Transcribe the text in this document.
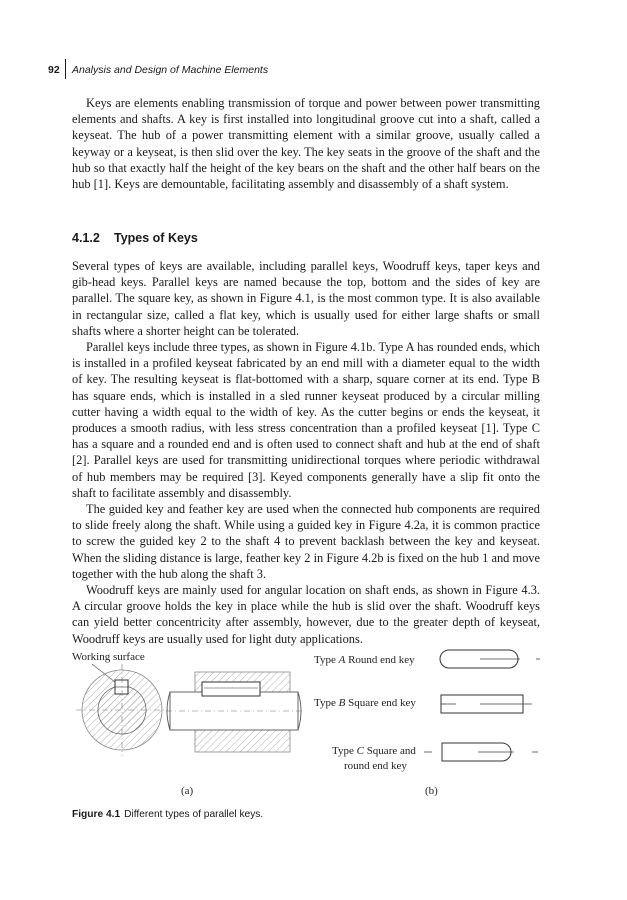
92 Analysis and Design of Machine Elements

Keys are elements enabling transmission of torque and power between power transmitting elements and shafts. A key is first installed into longitudinal groove cut into a shaft, called a keyseat. The hub of a power transmitting element with a similar groove, usually called a keyway or a keyseat, is then slid over the key. The key seats in the groove of the shaft and the hub so that exactly half the height of the key bears on the shaft and the other half bears on the hub [1]. Keys are demountable, facilitating assembly and disassembly of a shaft system.

4.1.2 Types of Keys

Several types of keys are available, including parallel keys, Woodruff keys, taper keys and gib-head keys. Parallel keys are named because the top, bottom and the sides of key are parallel. The square key, as shown in Figure 4.1, is the most common type. It is also available in rectangular size, called a flat key, which is usually used for either large shafts or small shafts where a shorter height can be tolerated.

Parallel keys include three types, as shown in Figure 4.1b. Type A has rounded ends, which is installed in a profiled keyseat fabricated by an end mill with a diameter equal to the width of key. The resulting keyseat is flat-bottomed with a sharp, square corner at its end. Type B has square ends, which is installed in a sled runner keyseat produced by a circular milling cutter having a width equal to the width of key. As the cutter begins or ends the keyseat, it produces a smooth radius, with less stress concentration than a profiled keyseat [1]. Type C has a square and a rounded end and is often used to connect shaft and hub at the end of shaft [2]. Parallel keys are used for transmitting unidirectional torques where periodic withdrawal of hub members may be required [3]. Keyed components generally have a slip fit onto the shaft to facilitate assembly and disassembly.

The guided key and feather key are used when the connected hub components are required to slide freely along the shaft. While using a guided key in Figure 4.2a, it is common practice to screw the guided key 2 to the shaft 4 to prevent backlash between the key and keyseat. When the sliding distance is large, feather key 2 in Figure 4.2b is fixed on the hub 1 and move together with the hub along the shaft 3.

Woodruff keys are mainly used for angular location on shaft ends, as shown in Figure 4.3. A circular groove holds the key in place while the hub is slid over the shaft. Woodruff keys can yield better concentricity after assembly, however, due to the greater depth of keyseat, Woodruff keys are usually used for light duty applications.

Working surface
(a)
Type A Round end key
Type B Square end key
Type C Square and
round end key
(b)
Figure 4.1 Different types of parallel keys.
